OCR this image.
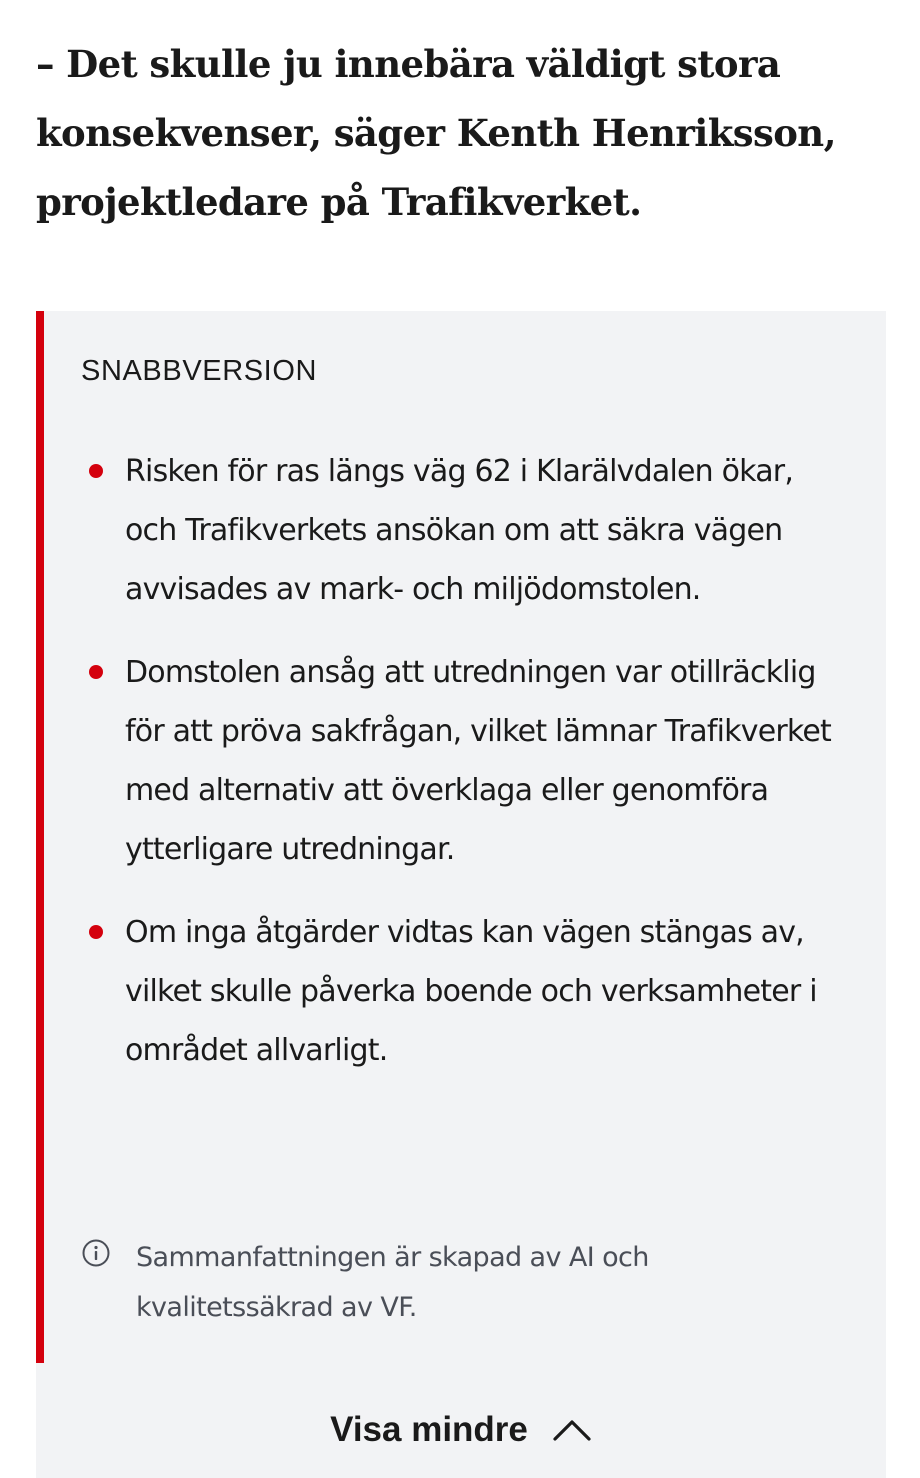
– Det skulle ju innebära väldigt stora konsekvenser, säger Kenth Henriksson, projektledare på Trafikverket.

SNABBVERSION
Risken för ras längs väg 62 i Klarälvdalen ökar, och Trafikverkets ansökan om att säkra vägen avvisades av mark- och miljödomstolen.
Domstolen ansåg att utredningen var otillräcklig för att pröva sakfrågan, vilket lämnar Trafikverket med alternativ att överklaga eller genomföra ytterligare utredningar.
Om inga åtgärder vidtas kan vägen stängas av, vilket skulle påverka boende och verksamheter i området allvarligt.
Sammanfattningen är skapad av AI och kvalitetssäkrad av VF.
Visa mindre
